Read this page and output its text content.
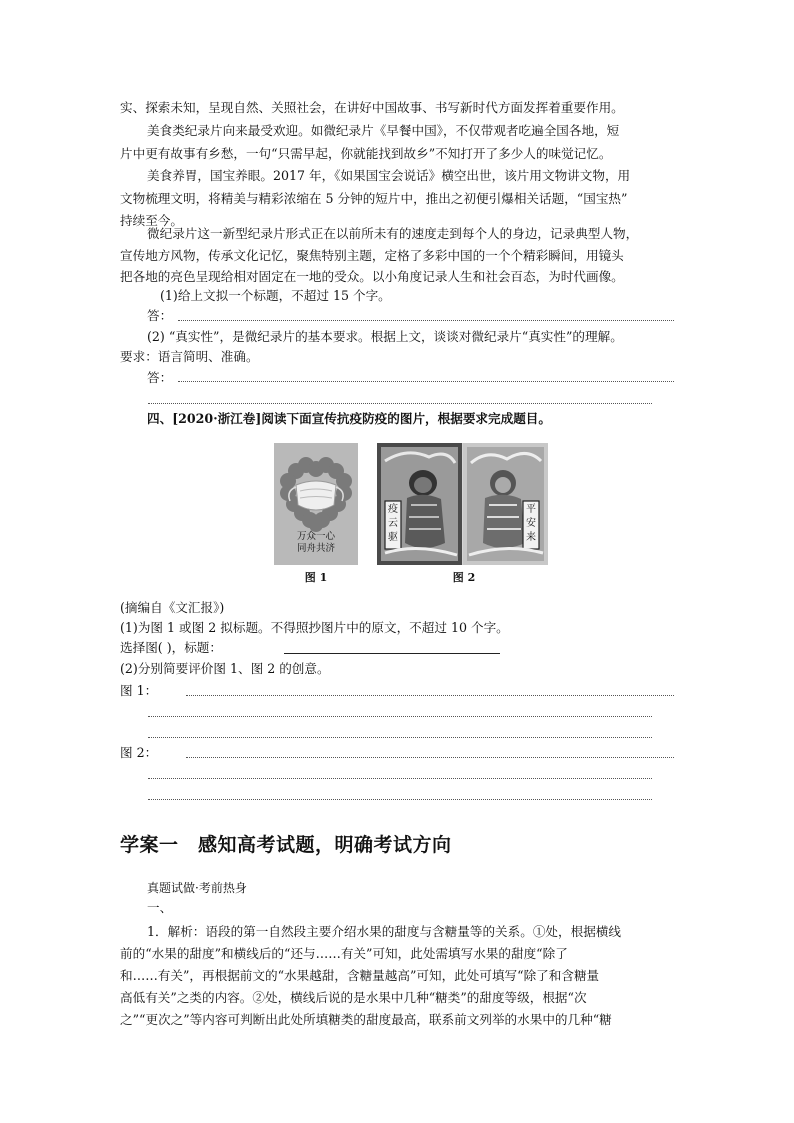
实、探索未知，呈现自然、关照社会，在讲好中国故事、书写新时代方面发挥着重要作用。
美食类纪录片向来最受欢迎。如微纪录片《早餐中国》，不仅带观者吃遍全国各地，短
片中更有故事有乡愁，一句“只需早起，你就能找到故乡”不知打开了多少人的味觉记忆。
美食养胃，国宝养眼。2017 年，《如果国宝会说话》横空出世，该片用文物讲文物，用
文物梳理文明，将精美与精彩浓缩在 5 分钟的短片中，推出之初便引爆相关话题，“国宝热”
持续至今。
微纪录片这一新型纪录片形式正在以前所未有的速度走到每个人的身边，记录典型人物，
宣传地方风物，传承文化记忆，聚焦特别主题，定格了多彩中国的一个个精彩瞬间，用镜头
把各地的亮色呈现给相对固定在一地的受众。以小角度记录人生和社会百态，为时代画像。
(1)给上文拟一个标题，不超过 15 个字。
答：
(2) “真实性”，是微纪录片的基本要求。根据上文，谈谈对微纪录片“真实性”的理解。
要求：语言简明、准确。
答：
四、[2020·浙江卷]阅读下面宣传抗疫防疫的图片，根据要求完成题目。
万众一心
同舟共济
图 1
疫云驱
平安来
图 2
(摘编自《文汇报》)
(1)为图 1 或图 2 拟标题。不得照抄图片中的原文，不超过 10 个字。
选择图( )，标题：
(2)分别简要评价图 1、图 2 的创意。
图 1：
图 2：
学案一　感知高考试题，明确考试方向
真题试做·考前热身
一、
1．解析：语段的第一自然段主要介绍水果的甜度与含糖量等的关系。①处，根据横线
前的“水果的甜度”和横线后的“还与……有关”可知，此处需填写水果的甜度“除了
和……有关”，再根据前文的“水果越甜，含糖量越高”可知，此处可填写“除了和含糖量
高低有关”之类的内容。②处，横线后说的是水果中几种“糖类”的甜度等级，根据“次
之”“更次之”等内容可判断出此处所填糖类的甜度最高，联系前文列举的水果中的几种“糖
